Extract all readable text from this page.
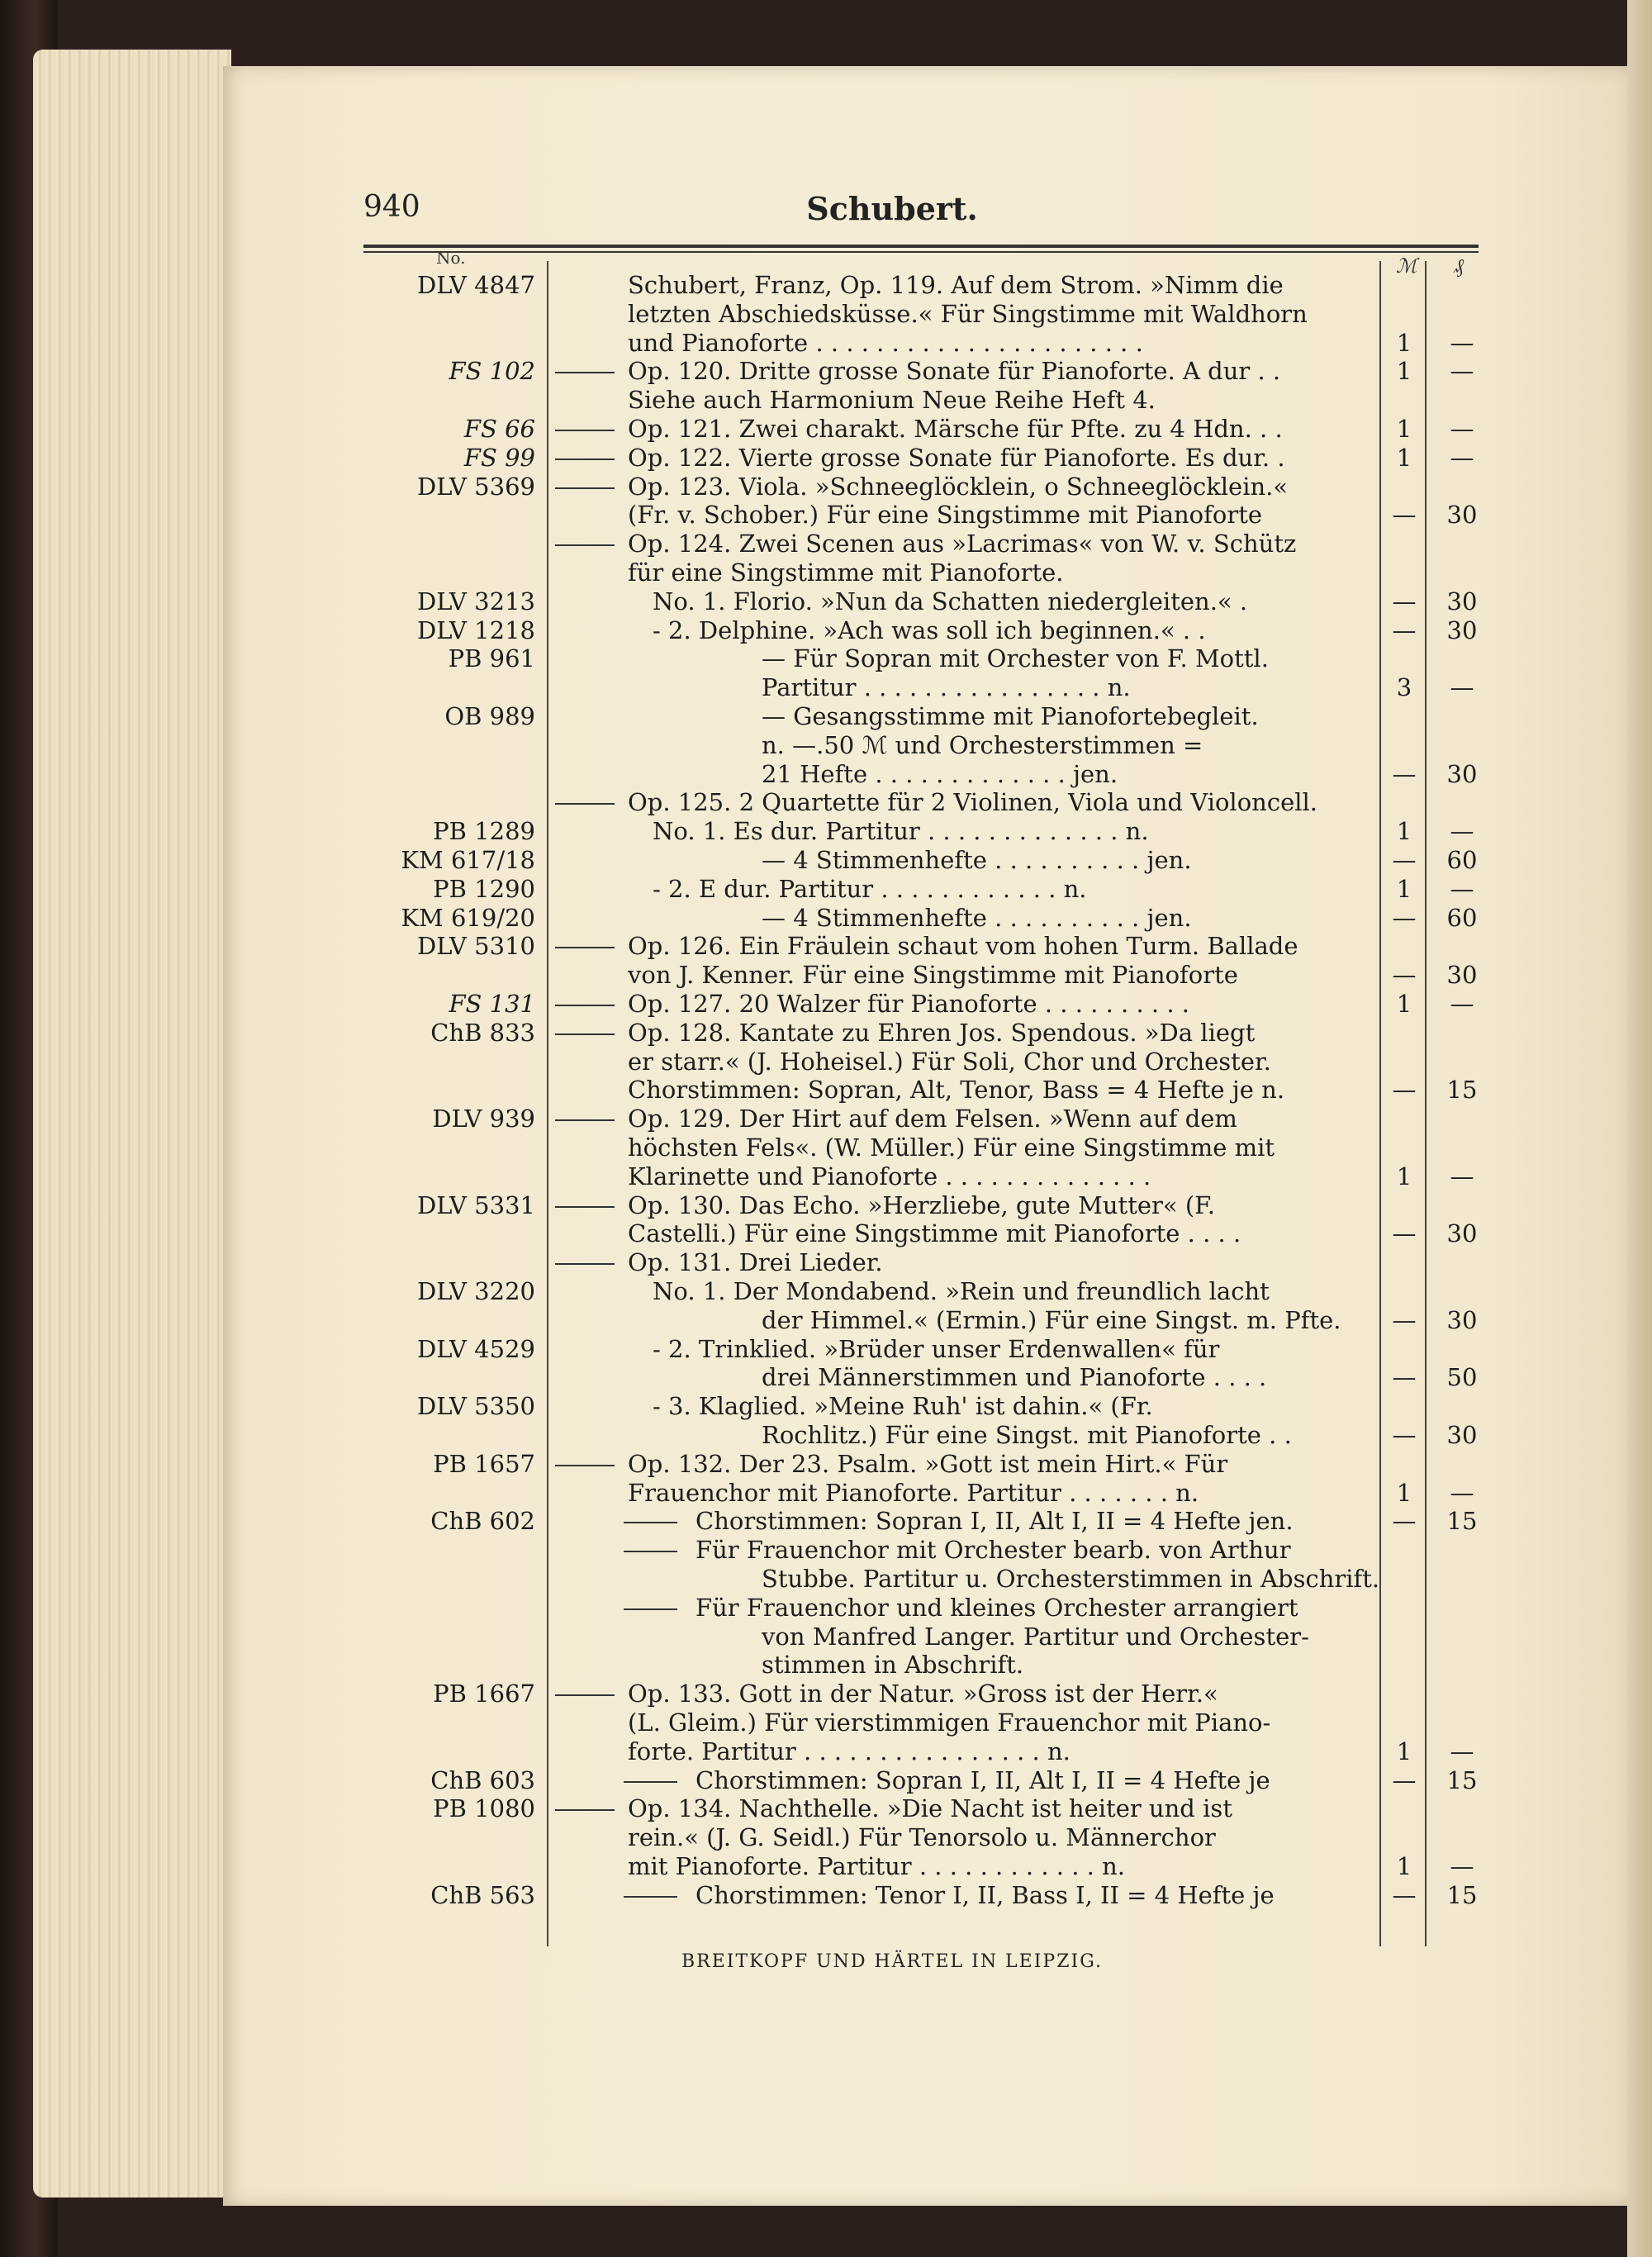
940	Schubert.
No.	ℳ ₰
DLV 4847	Schubert, Franz, Op. 119. Auf dem Strom. »Nimm die
letzten Abschiedsküsse.« Für Singstimme mit Waldhorn
und Pianoforte . . . . . . . . . . . . . . . . . . . . . .	1	—
FS 102	Op. 120. Dritte grosse Sonate für Pianoforte. A dur . .	1	—
Siehe auch Harmonium Neue Reihe Heft 4.
FS 66	Op. 121. Zwei charakt. Märsche für Pfte. zu 4 Hdn. . .	1	—
FS 99	Op. 122. Vierte grosse Sonate für Pianoforte. Es dur. .	1	—
DLV 5369	Op. 123. Viola. »Schneeglöcklein, o Schneeglöcklein.«
(Fr. v. Schober.) Für eine Singstimme mit Pianoforte	—	30
Op. 124. Zwei Scenen aus »Lacrimas« von W. v. Schütz
für eine Singstimme mit Pianoforte.
DLV 3213	No. 1. Florio. »Nun da Schatten niedergleiten.« .	—	30
DLV 1218	- 2. Delphine. »Ach was soll ich beginnen.« . .	—	30
PB 961	— Für Sopran mit Orchester von F. Mottl.
Partitur . . . . . . . . . . . . . . . . n.	3	—
OB 989	— Gesangsstimme mit Pianofortebegleit.
n. —.50 ℳ und Orchesterstimmen =
21 Hefte . . . . . . . . . . . . . jen.	—	30
Op. 125. 2 Quartette für 2 Violinen, Viola und Violoncell.
PB 1289	No. 1. Es dur. Partitur . . . . . . . . . . . . . n.	1	—
KM 617/18	— 4 Stimmenhefte . . . . . . . . . . jen.	—	60
PB 1290	- 2. E dur. Partitur . . . . . . . . . . . . n.	1	—
KM 619/20	— 4 Stimmenhefte . . . . . . . . . . jen.	—	60
DLV 5310	Op. 126. Ein Fräulein schaut vom hohen Turm. Ballade
von J. Kenner. Für eine Singstimme mit Pianoforte	—	30
FS 131	Op. 127. 20 Walzer für Pianoforte . . . . . . . . . .	1	—
ChB 833	Op. 128. Kantate zu Ehren Jos. Spendous. »Da liegt
er starr.« (J. Hoheisel.) Für Soli, Chor und Orchester.
Chorstimmen: Sopran, Alt, Tenor, Bass = 4 Hefte je n.	—	15
DLV 939	Op. 129. Der Hirt auf dem Felsen. »Wenn auf dem
höchsten Fels«. (W. Müller.) Für eine Singstimme mit
Klarinette und Pianoforte . . . . . . . . . . . . . .	1	—
DLV 5331	Op. 130. Das Echo. »Herzliebe, gute Mutter« (F.
Castelli.) Für eine Singstimme mit Pianoforte . . . .	—	30
Op. 131. Drei Lieder.
DLV 3220	No. 1. Der Mondabend. »Rein und freundlich lacht
der Himmel.« (Ermin.) Für eine Singst. m. Pfte.	—	30
DLV 4529	- 2. Trinklied. »Brüder unser Erdenwallen« für
drei Männerstimmen und Pianoforte . . . .	—	50
DLV 5350	- 3. Klaglied. »Meine Ruh' ist dahin.« (Fr.
Rochlitz.) Für eine Singst. mit Pianoforte . .	—	30
PB 1657	Op. 132. Der 23. Psalm. »Gott ist mein Hirt.« Für
Frauenchor mit Pianoforte. Partitur . . . . . . . n.	1	—
ChB 602	Chorstimmen: Sopran I, II, Alt I, II = 4 Hefte jen.	—	15
Für Frauenchor mit Orchester bearb. von Arthur
Stubbe. Partitur u. Orchesterstimmen in Abschrift.
Für Frauenchor und kleines Orchester arrangiert
von Manfred Langer. Partitur und Orchester-
stimmen in Abschrift.
PB 1667	Op. 133. Gott in der Natur. »Gross ist der Herr.«
(L. Gleim.) Für vierstimmigen Frauenchor mit Piano-
forte. Partitur . . . . . . . . . . . . . . . . n.	1	—
ChB 603	Chorstimmen: Sopran I, II, Alt I, II = 4 Hefte je	—	15
PB 1080	Op. 134. Nachthelle. »Die Nacht ist heiter und ist
rein.« (J. G. Seidl.) Für Tenorsolo u. Männerchor
mit Pianoforte. Partitur . . . . . . . . . . . . n.	1	—
ChB 563	Chorstimmen: Tenor I, II, Bass I, II = 4 Hefte je	—	15
BREITKOPF UND HÄRTEL IN LEIPZIG.
